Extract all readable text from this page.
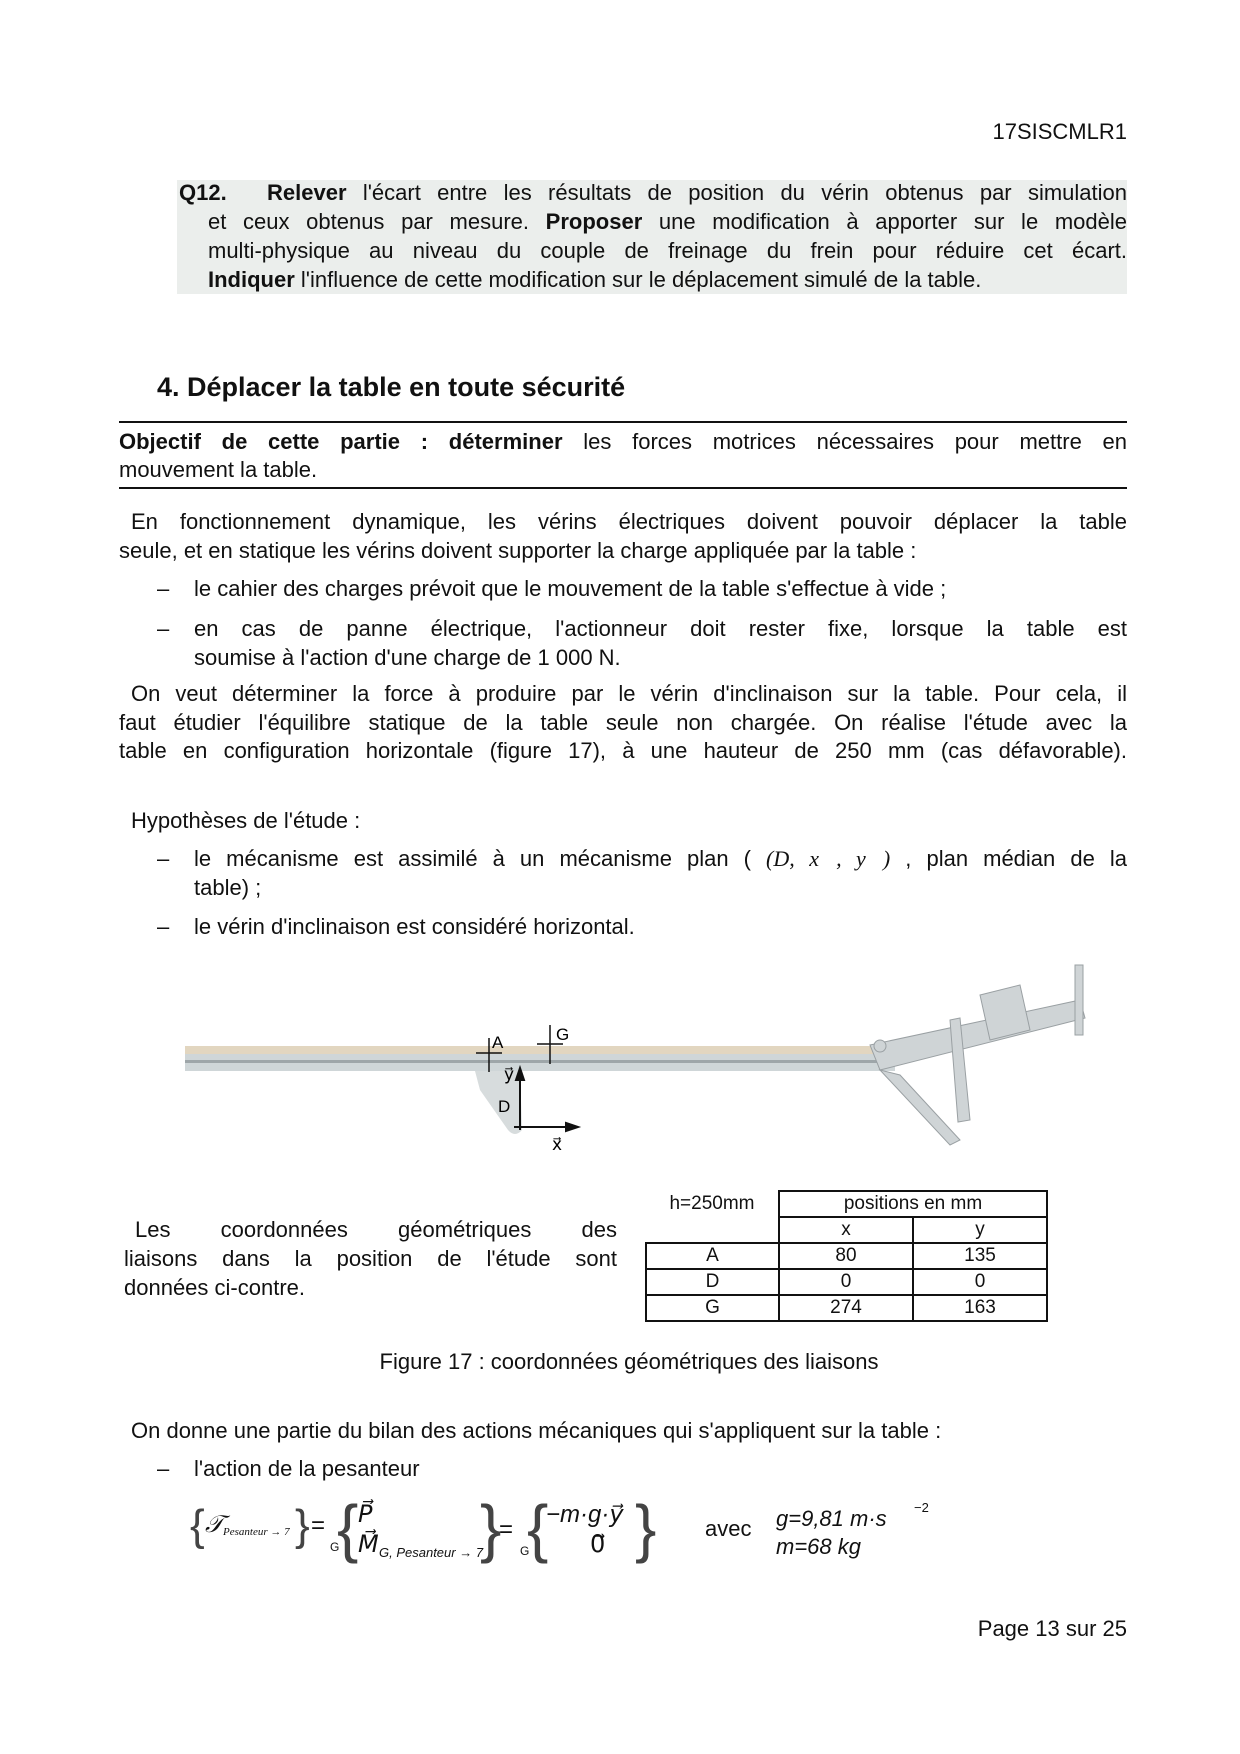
17SISCMLR1
Q12. Relever l'écart entre les résultats de position du vérin obtenus par simulation
et ceux obtenus par mesure. Proposer une modification à apporter sur le modèle
multi-physique au niveau du couple de freinage du frein pour réduire cet écart.
Indiquer l'influence de cette modification sur le déplacement simulé de la table.
4. Déplacer la table en toute sécurité
Objectif de cette partie : déterminer les forces motrices nécessaires pour mettre en
mouvement la table.
En fonctionnement dynamique, les vérins électriques doivent pouvoir déplacer la table
seule, et en statique les vérins doivent supporter la charge appliquée par la table :
– le cahier des charges prévoit que le mouvement de la table s'effectue à vide ;
– en cas de panne électrique, l'actionneur doit rester fixe, lorsque la table est
soumise à l'action d'une charge de 1 000 N.
On veut déterminer la force à produire par le vérin d'inclinaison sur la table. Pour cela, il
faut étudier l'équilibre statique de la table seule non chargée. On réalise l'étude avec la
table en configuration horizontale (figure 17), à une hauteur de 250 mm (cas défavorable).
Hypothèses de l'étude :
– le mécanisme est assimilé à un mécanisme plan ( (D, x⃗, y⃗) , plan médian de la
table) ;
– le vérin d'inclinaison est considéré horizontal.
A	G
D
y⃗
x⃗
Les coordonnées géométriques des
liaisons dans la position de l'étude sont
données ci-contre.
h=250mm	positions en mm	
	x	y
A	80	135
D	0	0
G	274	163
Figure 17 : coordonnées géométriques des liaisons
On donne une partie du bilan des actions mécaniques qui s'appliquent sur la table :
– l'action de la pesanteur
{ 𝒯 Pesanteur → 7 } =
G
{ P⃗
M⃗ G, Pesanteur → 7
}
=
G
{
−m·g·y⃗
0⃗ } avec g=9,81 m·s −2
m=68 kg
Page 13 sur 25
